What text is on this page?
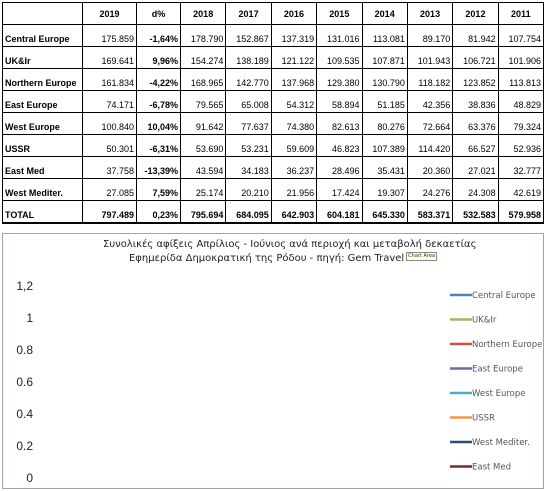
	2019	d%	2018	2017	2016	2015	2014	2013	2012	2011
Central Europe	175.859	-1,64%	178.790	152.867	137.319	131.016	113.081	89.170	81.942	107.754
UK&Ir	169.641	9,96%	154.274	138.189	121.122	109.535	107.871	101.943	106.721	101.906
Northern Europe	161.834	-4,22%	168.965	142.770	137.968	129.380	130.790	118.182	123.852	113.813
East Europe	74.171	-6,78%	79.565	65.008	54.312	58.894	51.185	42.356	38.836	48.829
West Europe	100.840	10,04%	91.642	77.637	74.380	82.613	80.276	72.664	63.376	79.324
USSR	50.301	-6,31%	53.690	53.231	59.609	46.823	107.389	114.420	66.527	52.936
East Med	37.758	-13,39%	43.594	34.183	36.237	28.496	35.431	20.360	27.021	32.777
West Mediter.	27.085	7,59%	25.174	20.210	21.956	17.424	19.307	24.276	24.308	42.619
TOTAL	797.489	0,23%	795.694	684.095	642.903	604.181	645.330	583.371	532.583	579.958
0
0.2
0.4
0.6
0.8
1
1,2
Central Europe
UK&Ir
Northern Europe
East Europe
West Europe
USSR
West Mediter.
East Med
Συνολικές αφίξεις Απρίλιος - Ιούνιος ανά περιοχή και μεταβολή δεκαετίας
Εφημερίδα Δημοκρατική της Ρόδου - πηγή: Gem Travel Chart Area
